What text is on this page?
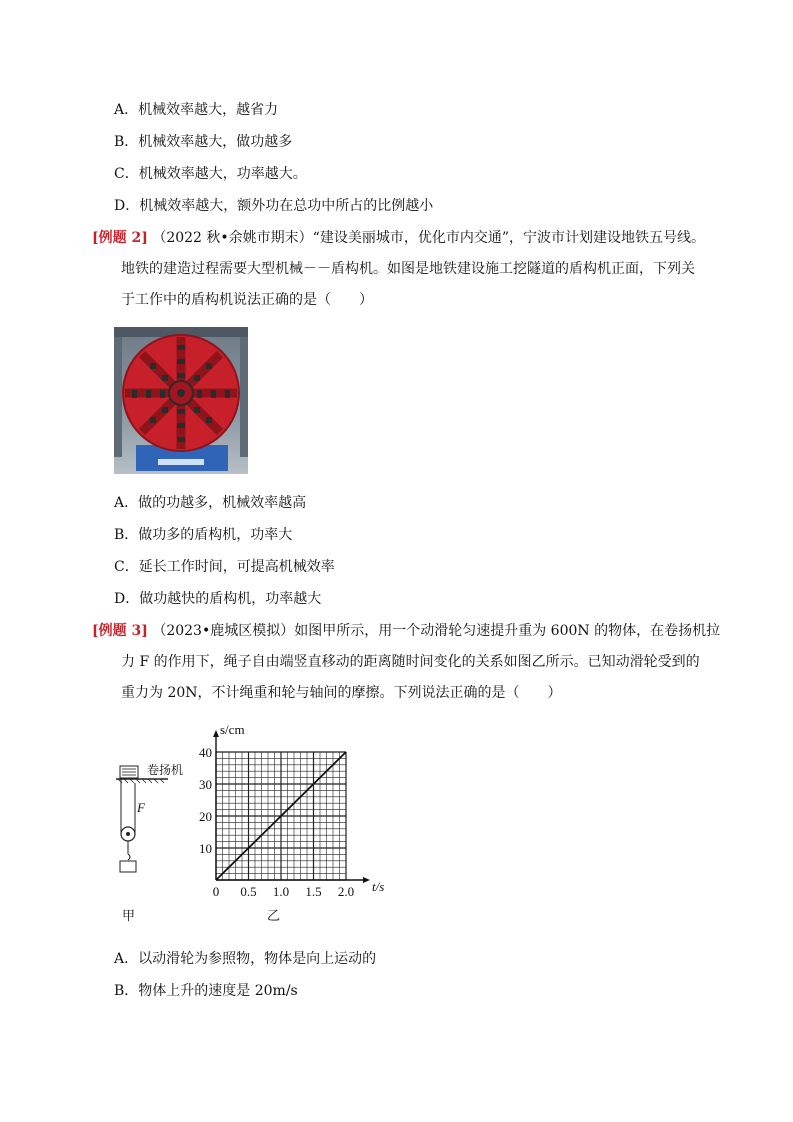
A．机械效率越大，越省力
B．机械效率越大，做功越多
C．机械效率越大，功率越大。
D．机械效率越大，额外功在总功中所占的比例越小
[例题 2] （2022 秋•余姚市期末）“建设美丽城市，优化市内交通”，宁波市计划建设地铁五号线。
地铁的建造过程需要大型机械－－盾构机。如图是地铁建设施工挖隧道的盾构机正面，下列关
于工作中的盾构机说法正确的是（　　）
A．做的功越多，机械效率越高
B．做功多的盾构机，功率大
C．延长工作时间，可提高机械效率
D．做功越快的盾构机，功率越大
[例题 3] （2023•鹿城区模拟）如图甲所示，用一个动滑轮匀速提升重为 600N 的物体，在卷扬机拉
力 F 的作用下，绳子自由端竖直移动的距离随时间变化的关系如图乙所示。已知动滑轮受到的
重力为 20N，不计绳重和轮与轴间的摩擦。下列说法正确的是（　　）
卷扬机
F
甲	乙
0 0.5 1.0 1.5 2.0
10
20
30
40
t/s
s/cm
A．以动滑轮为参照物，物体是向上运动的
B．物体上升的速度是 20m/s
